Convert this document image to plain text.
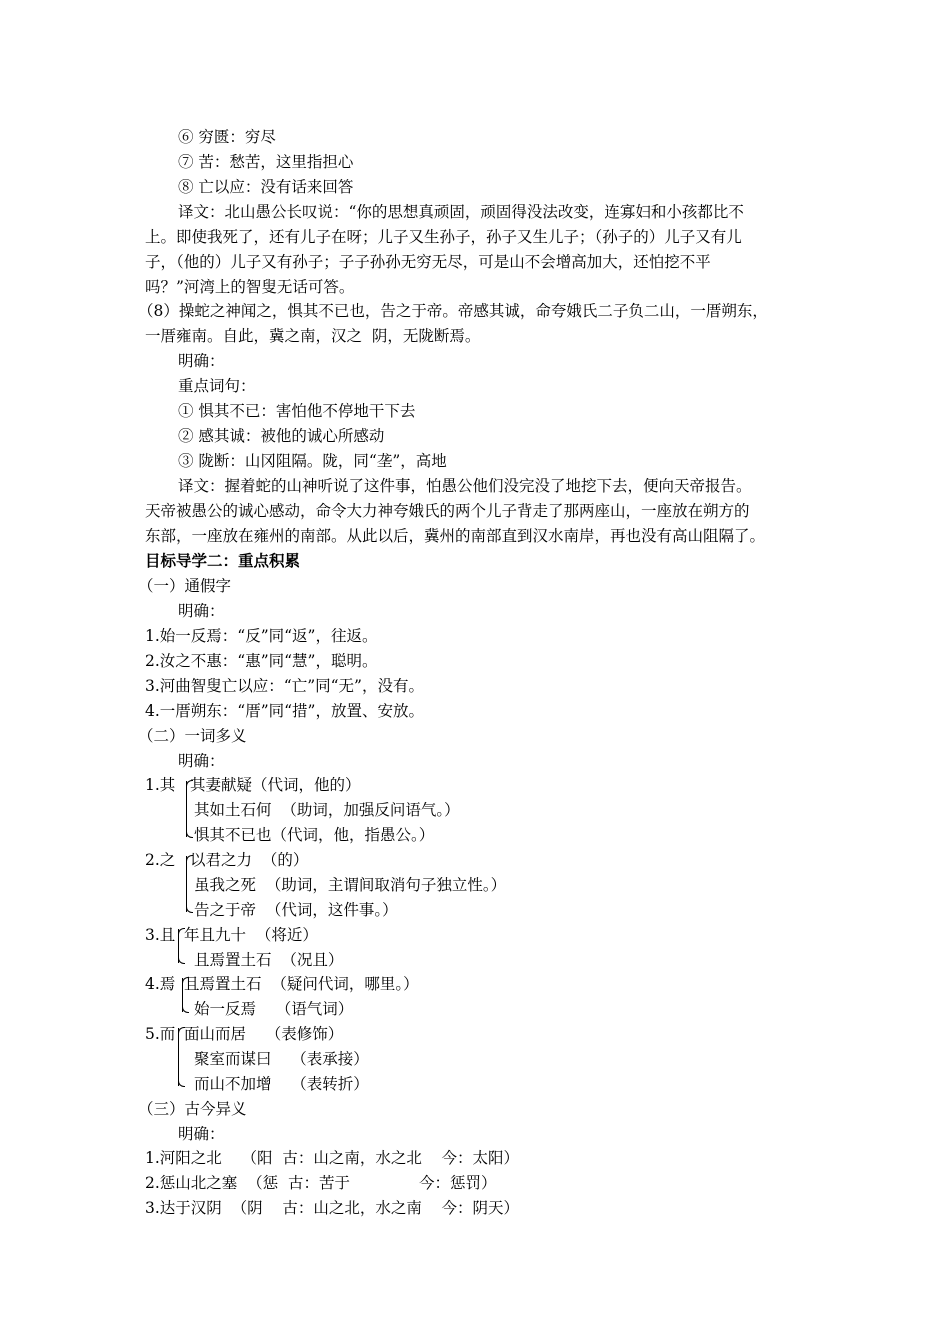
⑥ 穷匮：穷尽
⑦ 苦：愁苦，这里指担心
⑧ 亡以应：没有话来回答
译文：北山愚公长叹说：“你的思想真顽固，顽固得没法改变，连寡妇和小孩都比不
上。即使我死了，还有儿子在呀；儿子又生孙子，孙子又生儿子；（孙子的）儿子又有儿
子，（他的）儿子又有孙子；子子孙孙无穷无尽，可是山不会增高加大，还怕挖不平
吗？”河湾上的智叟无话可答。
（8）操蛇之神闻之，惧其不已也，告之于帝。帝感其诚，命夸娥氏二子负二山，一厝朔东，
一厝雍南。自此，冀之南，汉之  阴，无陇断焉。
明确：
重点词句：
① 惧其不已：害怕他不停地干下去
② 感其诚：被他的诚心所感动
③ 陇断：山冈阻隔。陇，同“垄”，高地
译文：握着蛇的山神听说了这件事，怕愚公他们没完没了地挖下去，便向天帝报告。
天帝被愚公的诚心感动，命令大力神夸娥氏的两个儿子背走了那两座山，一座放在朔方的
东部，一座放在雍州的南部。从此以后，冀州的南部直到汉水南岸，再也没有高山阻隔了。
目标导学二：重点积累
（一）通假字
明确：
1.始一反焉：“反”同“返”，往返。
2.汝之不惠：“惠”同“慧”，聪明。
3.河曲智叟亡以应：“亡”同“无”，没有。
4.一厝朔东：“厝”同“措”，放置、安放。
（二）一词多义
明确：
1.其 其妻献疑（代词，他的）
其如土石何  （助词，加强反问语气。）
惧其不已也（代词，他，指愚公。）
2.之 以君之力  （的）
虽我之死  （助词，主谓间取消句子独立性。）
告之于帝  （代词，这件事。）
3.且 年且九十  （将近）
且焉置土石  （况且）
4.焉 且焉置土石  （疑问代词，哪里。）
始一反焉    （语气词）
5.而 面山而居    （表修饰）
聚室而谋曰    （表承接）
而山不加增    （表转折）
（三）古今异义
明确：
1.河阳之北    （阳  古：山之南，水之北    今：太阳）
2.惩山北之塞  （惩  古：苦于              今：惩罚）
3.达于汉阴  （阴    古：山之北，水之南    今：阴天）
